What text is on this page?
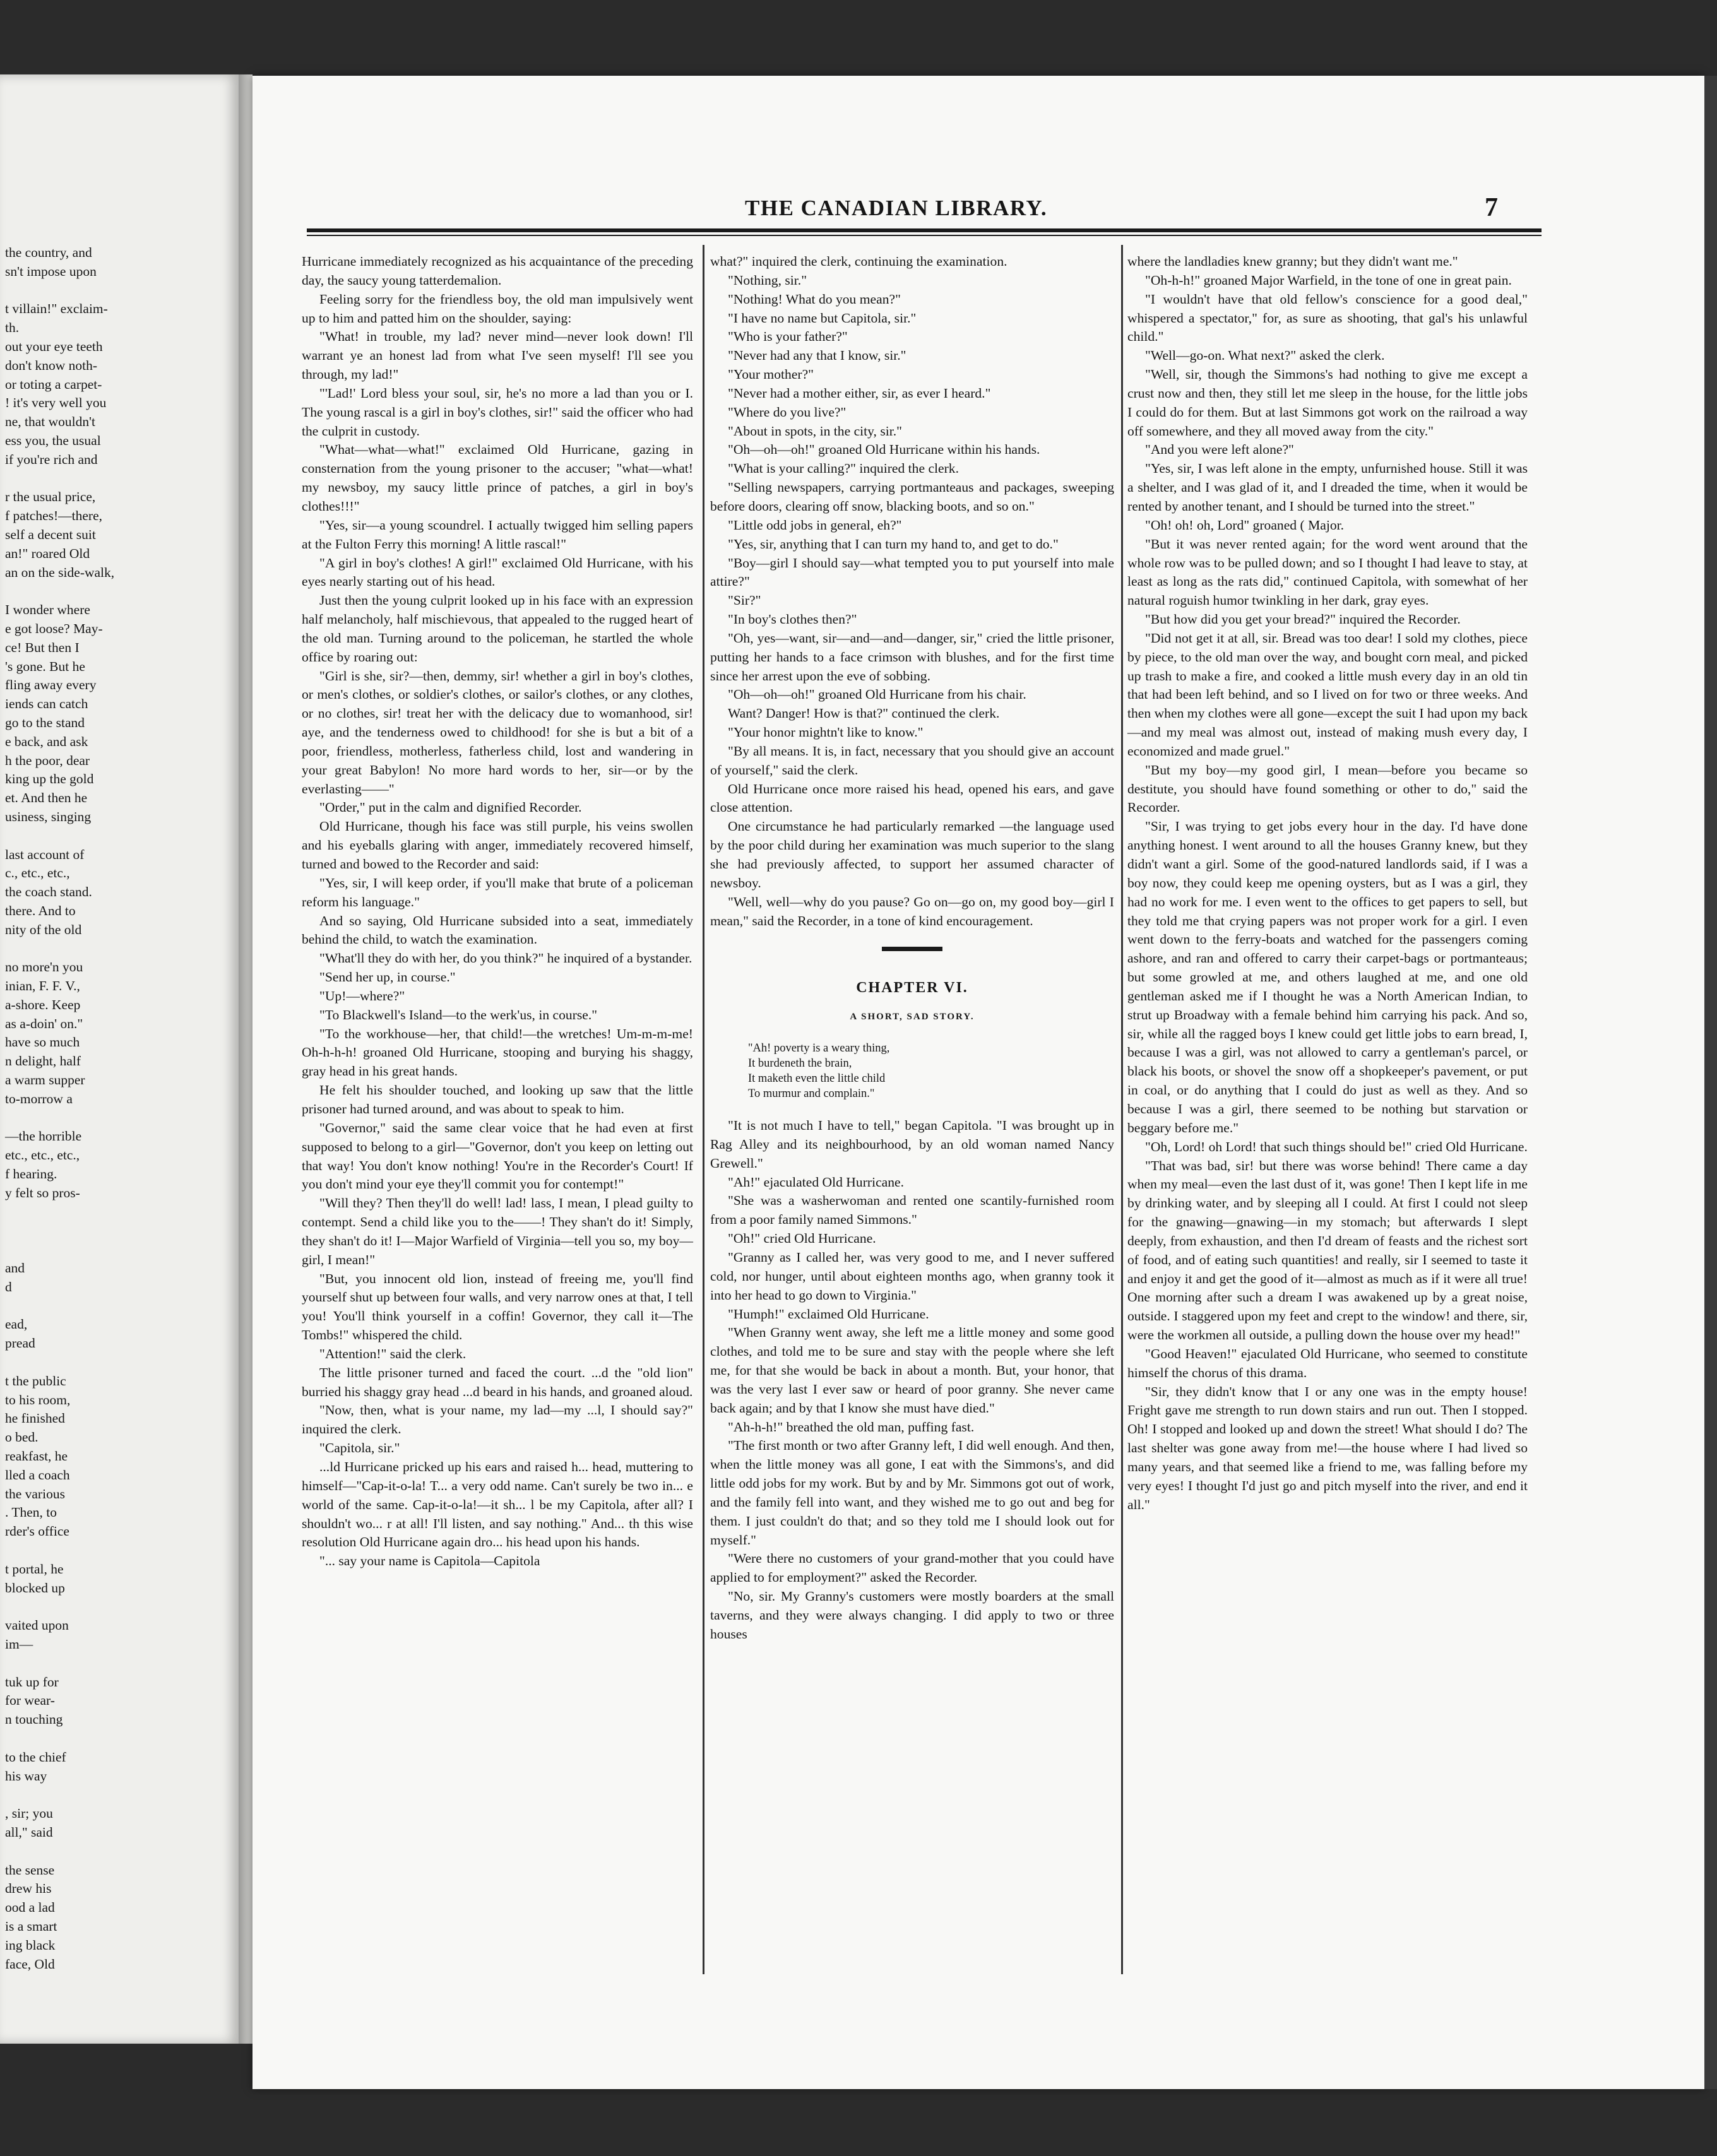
the country, and
sn't impose upon

t villain!" exclaim-
th.
out your eye teeth
don't know noth-
or toting a carpet-
! it's very well you
ne, that wouldn't
ess you, the usual
if you're rich and

r the usual price,
f patches!—there,
self a decent suit
an!" roared Old
an on the side-walk,

I wonder where
e got loose? May-
ce! But then I
's gone. But he
fling away every
iends can catch
go to the stand
e back, and ask
h the poor, dear
king up the gold
et. And then he
usiness, singing

last account of
c., etc., etc.,
the coach stand.
there. And to
nity of the old

no more'n you
inian, F. F. V.,
a-shore. Keep
as a-doin' on."
have so much
n delight, half
a warm supper
to-morrow a

—the horrible
etc., etc., etc.,
f hearing.
y felt so pros-

and
d

ead,
pread

t the public
to his room,
he finished
o bed.
reakfast, he
lled a coach
the various
. Then, to
rder's office

t portal, he
blocked up

vaited upon
im—

tuk up for
for wear-
n touching

to the chief
his way

, sir; you
all," said

the sense
drew his
ood a lad
is a smart
ing black
face, Old
THE CANADIAN LIBRARY.	7

Hurricane immediately recognized as his acquaintance of the preceding day, the saucy young tatterdemalion.

Feeling sorry for the friendless boy, the old man impulsively went up to him and patted him on the shoulder, saying:

"What! in trouble, my lad? never mind—never look down! I'll warrant ye an honest lad from what I've seen myself! I'll see you through, my lad!"

"'Lad!' Lord bless your soul, sir, he's no more a lad than you or I. The young rascal is a girl in boy's clothes, sir!" said the officer who had the culprit in custody.

"What—what—what!" exclaimed Old Hurricane, gazing in consternation from the young prisoner to the accuser; "what—what! my newsboy, my saucy little prince of patches, a girl in boy's clothes!!!"

"Yes, sir—a young scoundrel. I actually twigged him selling papers at the Fulton Ferry this morning! A little rascal!"

"A girl in boy's clothes! A girl!" exclaimed Old Hurricane, with his eyes nearly starting out of his head.

Just then the young culprit looked up in his face with an expression half melancholy, half mischievous, that appealed to the rugged heart of the old man. Turning around to the policeman, he startled the whole office by roaring out:

"Girl is she, sir?—then, demmy, sir! whether a girl in boy's clothes, or men's clothes, or soldier's clothes, or sailor's clothes, or any clothes, or no clothes, sir! treat her with the delicacy due to womanhood, sir! aye, and the tenderness owed to childhood! for she is but a bit of a poor, friendless, motherless, fatherless child, lost and wandering in your great Babylon! No more hard words to her, sir—or by the everlasting——"

"Order," put in the calm and dignified Recorder.

Old Hurricane, though his face was still purple, his veins swollen and his eyeballs glaring with anger, immediately recovered himself, turned and bowed to the Recorder and said:

"Yes, sir, I will keep order, if you'll make that brute of a policeman reform his language."

And so saying, Old Hurricane subsided into a seat, immediately behind the child, to watch the examination.

"What'll they do with her, do you think?" he inquired of a bystander.

"Send her up, in course."

"Up!—where?"

"To Blackwell's Island—to the werk'us, in course."

"To the workhouse—her, that child!—the wretches! Um-m-m-me! Oh-h-h-h! groaned Old Hurricane, stooping and burying his shaggy, gray head in his great hands.

He felt his shoulder touched, and looking up saw that the little prisoner had turned around, and was about to speak to him.

"Governor," said the same clear voice that he had even at first supposed to belong to a girl—"Governor, don't you keep on letting out that way! You don't know nothing! You're in the Recorder's Court! If you don't mind your eye they'll commit you for contempt!"

"Will they? Then they'll do well! lad! lass, I mean, I plead guilty to contempt. Send a child like you to the——! They shan't do it! Simply, they shan't do it! I—Major Warfield of Virginia—tell you so, my boy—girl, I mean!"

"But, you innocent old lion, instead of freeing me, you'll find yourself shut up between four walls, and very narrow ones at that, I tell you! You'll think yourself in a coffin! Governor, they call it—The Tombs!" whispered the child.

"Attention!" said the clerk.

The little prisoner turned and faced the court. ...d the "old lion" burried his shaggy gray head ...d beard in his hands, and groaned aloud.

"Now, then, what is your name, my lad—my ...l, I should say?" inquired the clerk.

"Capitola, sir."

...ld Hurricane pricked up his ears and raised h... head, muttering to himself—"Cap-it-o-la! T... a very odd name. Can't surely be two in... e world of the same. Cap-it-o-la!—it sh... l be my Capitola, after all? I shouldn't wo... r at all! I'll listen, and say nothing." And... th this wise resolution Old Hurricane again dro... his head upon his hands.

"... say your name is Capitola—Capitola

what?" inquired the clerk, continuing the examination.

"Nothing, sir."

"Nothing! What do you mean?"

"I have no name but Capitola, sir."

"Who is your father?"

"Never had any that I know, sir."

"Your mother?"

"Never had a mother either, sir, as ever I heard."

"Where do you live?"

"About in spots, in the city, sir."

"Oh—oh—oh!" groaned Old Hurricane within his hands.

"What is your calling?" inquired the clerk.

"Selling newspapers, carrying portmanteaus and packages, sweeping before doors, clearing off snow, blacking boots, and so on."

"Little odd jobs in general, eh?"

"Yes, sir, anything that I can turn my hand to, and get to do."

"Boy—girl I should say—what tempted you to put yourself into male attire?"

"Sir?"

"In boy's clothes then?"

"Oh, yes—want, sir—and—and—danger, sir," cried the little prisoner, putting her hands to a face crimson with blushes, and for the first time since her arrest upon the eve of sobbing.

"Oh—oh—oh!" groaned Old Hurricane from his chair.

Want? Danger! How is that?" continued the clerk.

"Your honor mightn't like to know."

"By all means. It is, in fact, necessary that you should give an account of yourself," said the clerk.

Old Hurricane once more raised his head, opened his ears, and gave close attention.

One circumstance he had particularly remarked —the language used by the poor child during her examination was much superior to the slang she had previously affected, to support her assumed character of newsboy.

"Well, well—why do you pause? Go on—go on, my good boy—girl I mean," said the Recorder, in a tone of kind encouragement.

CHAPTER VI.
A SHORT, SAD STORY.
"Ah! poverty is a weary thing,
It burdeneth the brain,
It maketh even the little child
To murmur and complain."

"It is not much I have to tell," began Capitola. "I was brought up in Rag Alley and its neighbourhood, by an old woman named Nancy Grewell."

"Ah!" ejaculated Old Hurricane.

"She was a washerwoman and rented one scantily-furnished room from a poor family named Simmons."

"Oh!" cried Old Hurricane.

"Granny as I called her, was very good to me, and I never suffered cold, nor hunger, until about eighteen months ago, when granny took it into her head to go down to Virginia."

"Humph!" exclaimed Old Hurricane.

"When Granny went away, she left me a little money and some good clothes, and told me to be sure and stay with the people where she left me, for that she would be back in about a month. But, your honor, that was the very last I ever saw or heard of poor granny. She never came back again; and by that I know she must have died."

"Ah-h-h!" breathed the old man, puffing fast.

"The first month or two after Granny left, I did well enough. And then, when the little money was all gone, I eat with the Simmons's, and did little odd jobs for my work. But by and by Mr. Simmons got out of work, and the family fell into want, and they wished me to go out and beg for them. I just couldn't do that; and so they told me I should look out for myself."

"Were there no customers of your grand-mother that you could have applied to for employment?" asked the Recorder.

"No, sir. My Granny's customers were mostly boarders at the small taverns, and they were always changing. I did apply to two or three houses

where the landladies knew granny; but they didn't want me."

"Oh-h-h!" groaned Major Warfield, in the tone of one in great pain.

"I wouldn't have that old fellow's conscience for a good deal," whispered a spectator," for, as sure as shooting, that gal's his unlawful child."

"Well—go-on. What next?" asked the clerk.

"Well, sir, though the Simmons's had nothing to give me except a crust now and then, they still let me sleep in the house, for the little jobs I could do for them. But at last Simmons got work on the railroad a way off somewhere, and they all moved away from the city."

"And you were left alone?"

"Yes, sir, I was left alone in the empty, unfurnished house. Still it was a shelter, and I was glad of it, and I dreaded the time, when it would be rented by another tenant, and I should be turned into the street."

"Oh! oh! oh, Lord" groaned ( Major.

"But it was never rented again; for the word went around that the whole row was to be pulled down; and so I thought I had leave to stay, at least as long as the rats did," continued Capitola, with somewhat of her natural roguish humor twinkling in her dark, gray eyes.

"But how did you get your bread?" inquired the Recorder.

"Did not get it at all, sir. Bread was too dear! I sold my clothes, piece by piece, to the old man over the way, and bought corn meal, and picked up trash to make a fire, and cooked a little mush every day in an old tin that had been left behind, and so I lived on for two or three weeks. And then when my clothes were all gone—except the suit I had upon my back—and my meal was almost out, instead of making mush every day, I economized and made gruel."

"But my boy—my good girl, I mean—before you became so destitute, you should have found something or other to do," said the Recorder.

"Sir, I was trying to get jobs every hour in the day. I'd have done anything honest. I went around to all the houses Granny knew, but they didn't want a girl. Some of the good-natured landlords said, if I was a boy now, they could keep me opening oysters, but as I was a girl, they had no work for me. I even went to the offices to get papers to sell, but they told me that crying papers was not proper work for a girl. I even went down to the ferry-boats and watched for the passengers coming ashore, and ran and offered to carry their carpet-bags or portmanteaus; but some growled at me, and others laughed at me, and one old gentleman asked me if I thought he was a North American Indian, to strut up Broadway with a female behind him carrying his pack. And so, sir, while all the ragged boys I knew could get little jobs to earn bread, I, because I was a girl, was not allowed to carry a gentleman's parcel, or black his boots, or shovel the snow off a shopkeeper's pavement, or put in coal, or do anything that I could do just as well as they. And so because I was a girl, there seemed to be nothing but starvation or beggary before me."

"Oh, Lord! oh Lord! that such things should be!" cried Old Hurricane.

"That was bad, sir! but there was worse behind! There came a day when my meal—even the last dust of it, was gone! Then I kept life in me by drinking water, and by sleeping all I could. At first I could not sleep for the gnawing—gnawing—in my stomach; but afterwards I slept deeply, from exhaustion, and then I'd dream of feasts and the richest sort of food, and of eating such quantities! and really, sir I seemed to taste it and enjoy it and get the good of it—almost as much as if it were all true! One morning after such a dream I was awakened up by a great noise, outside. I staggered upon my feet and crept to the window! and there, sir, were the workmen all outside, a pulling down the house over my head!"

"Good Heaven!" ejaculated Old Hurricane, who seemed to constitute himself the chorus of this drama.

"Sir, they didn't know that I or any one was in the empty house! Fright gave me strength to run down stairs and run out. Then I stopped. Oh! I stopped and looked up and down the street! What should I do? The last shelter was gone away from me!—the house where I had lived so many years, and that seemed like a friend to me, was falling before my very eyes! I thought I'd just go and pitch myself into the river, and end it all."
